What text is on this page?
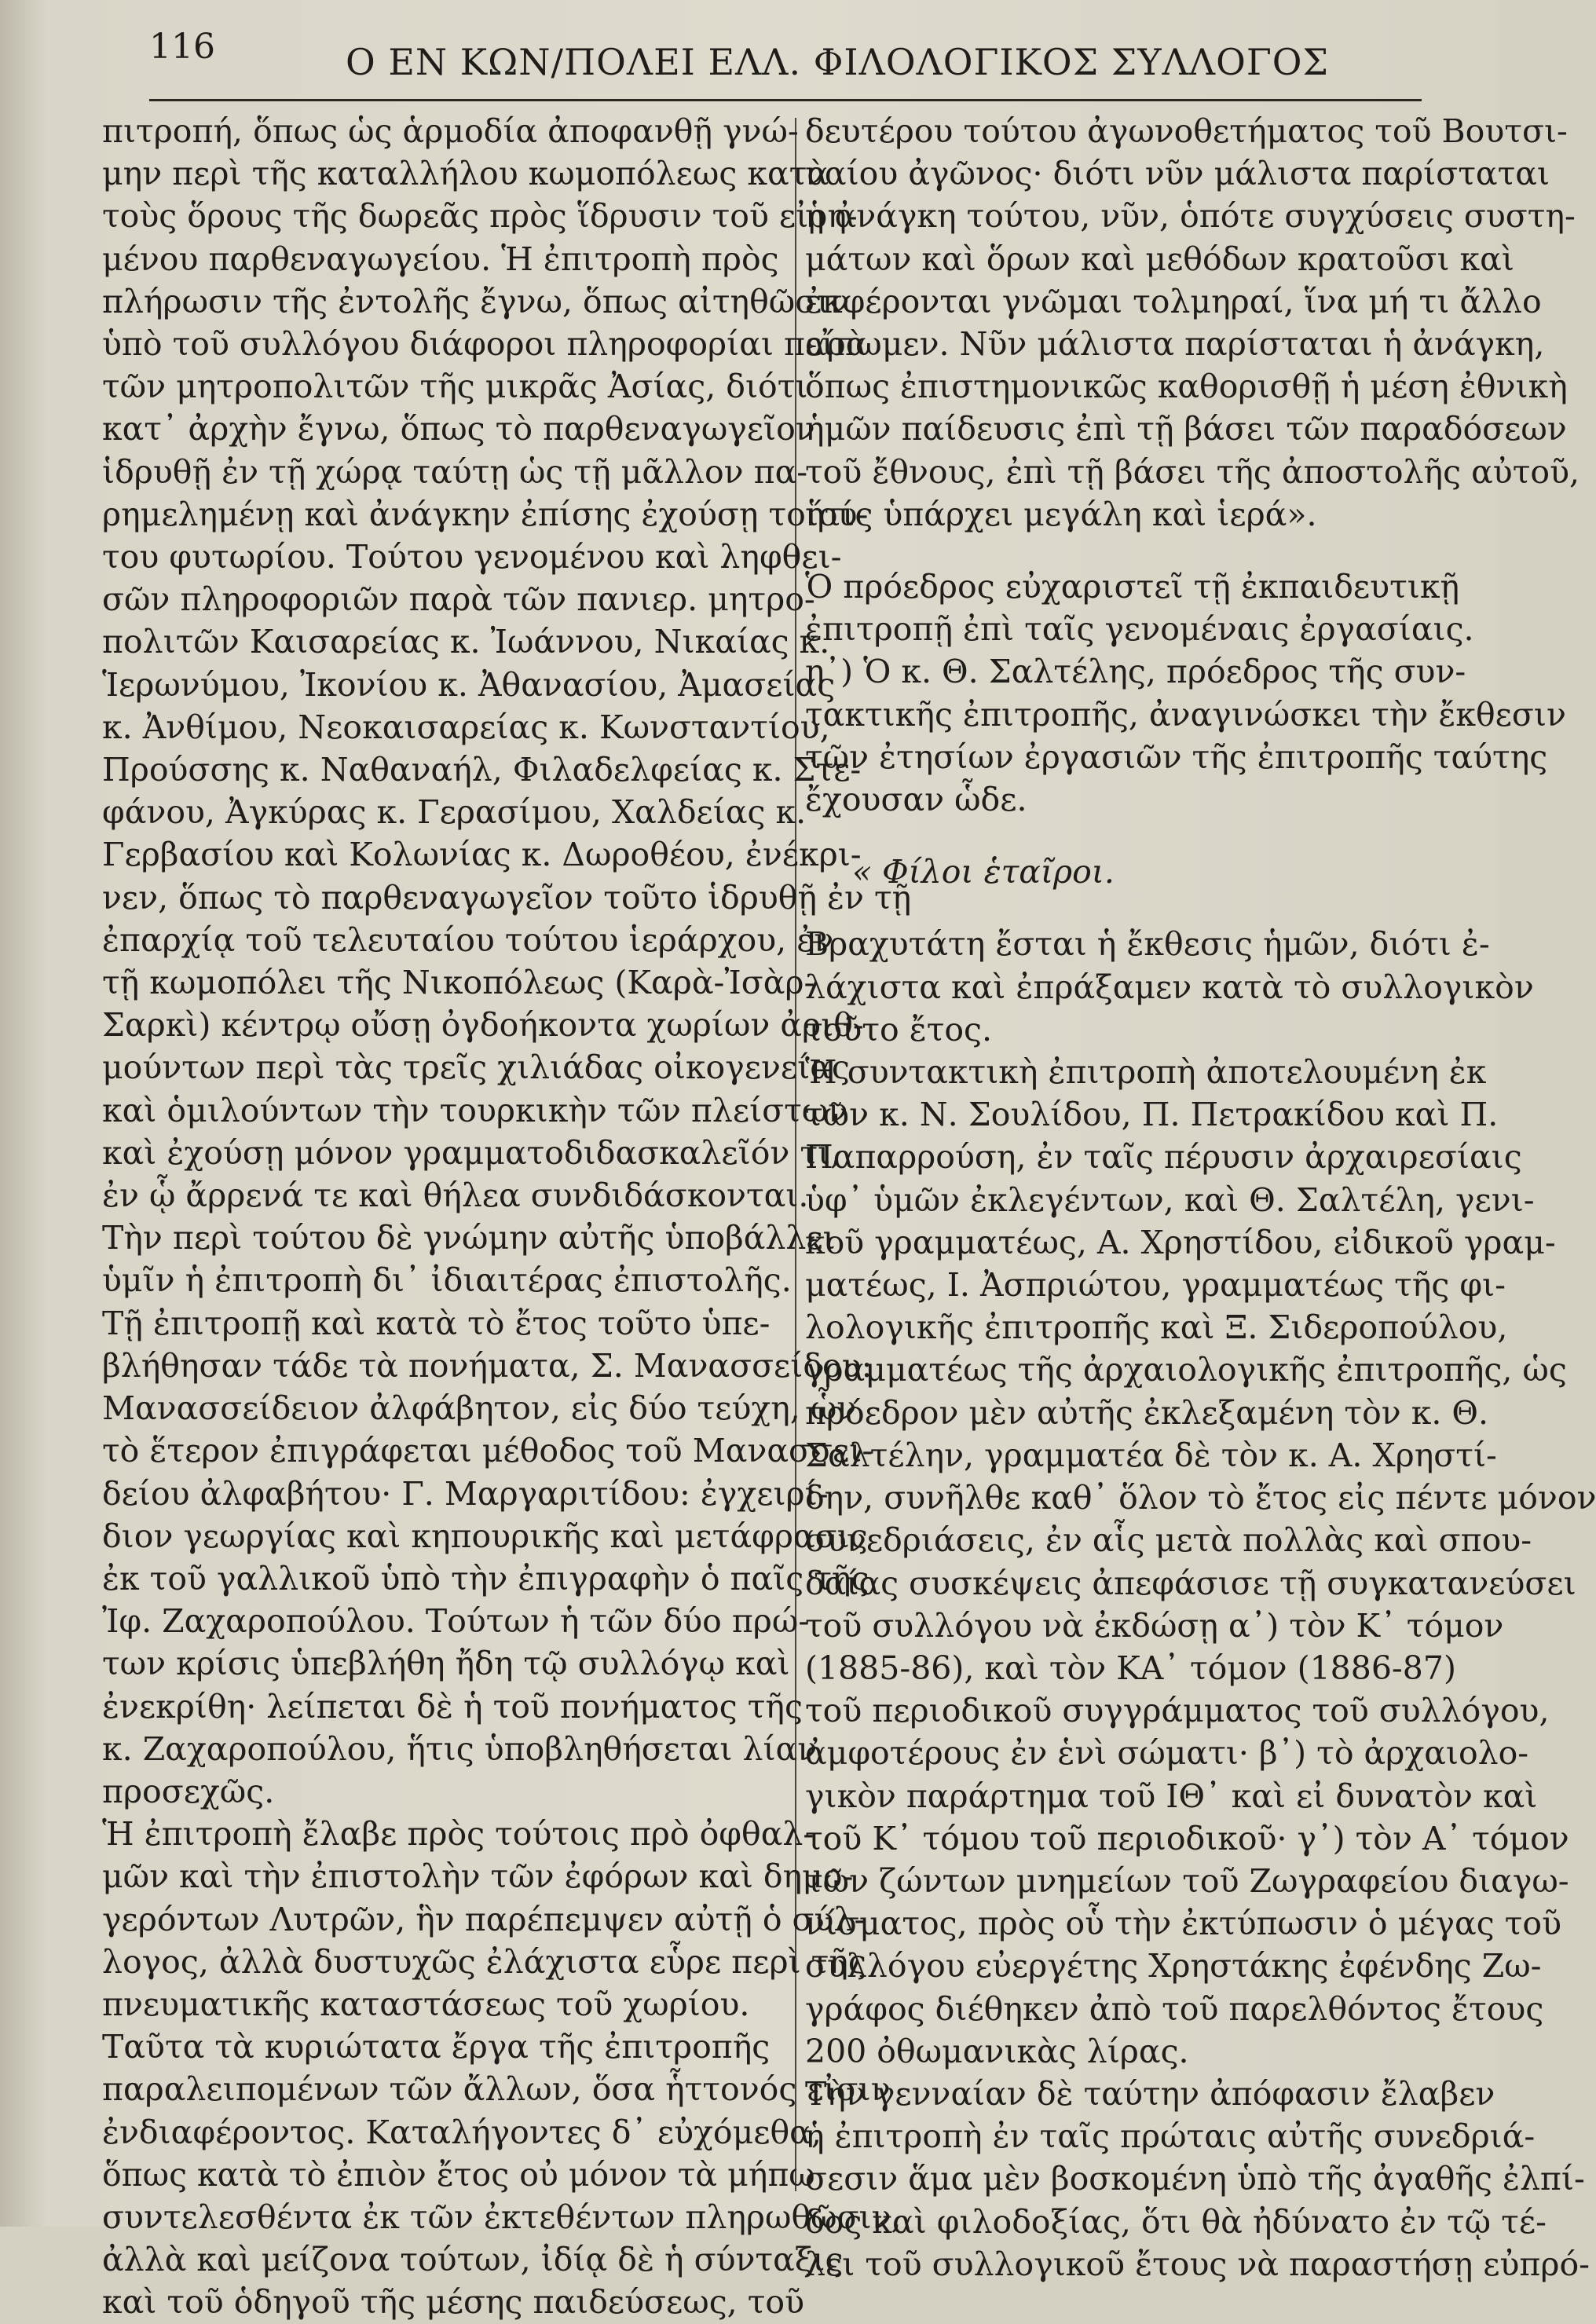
116	Ο ΕΝ ΚΩΝ/ΠΟΛΕΙ ΕΛΛ. ΦΙΛΟΛΟΓΙΚΟΣ ΣΥΛΛΟΓΟΣ
πιτροπή, ὅπως ὡς ἁρμοδία ἀποφανθῇ γνώ-
μην περὶ τῆς καταλλήλου κωμοπόλεως κατὰ
τοὺς ὅρους τῆς δωρεᾶς πρὸς ἵδρυσιν τοῦ εἰρη-
μένου παρθεναγωγείου. Ἡ ἐπιτροπὴ πρὸς
πλήρωσιν τῆς ἐντολῆς ἔγνω, ὅπως αἰτηθῶσιν
ὑπὸ τοῦ συλλόγου διάφοροι πληροφορίαι παρὰ
τῶν μητροπολιτῶν τῆς μικρᾶς Ἀσίας, διότι
κατ᾽ ἀρχὴν ἔγνω, ὅπως τὸ παρθεναγωγεῖον
ἱδρυθῇ ἐν τῇ χώρᾳ ταύτῃ ὡς τῇ μᾶλλον πα-
ρημελημένῃ καὶ ἀνάγκην ἐπίσης ἐχούσῃ τοιού-
του φυτωρίου. Τούτου γενομένου καὶ ληφθει-
σῶν πληροφοριῶν παρὰ τῶν πανιερ. μητρο-
πολιτῶν Καισαρείας κ. Ἰωάννου, Νικαίας κ.
Ἱερωνύμου, Ἰκονίου κ. Ἀθανασίου, Ἀμασείας
κ. Ἀνθίμου, Νεοκαισαρείας κ. Κωνσταντίου,
Προύσσης κ. Ναθαναήλ, Φιλαδελφείας κ. Στε-
φάνου, Ἀγκύρας κ. Γερασίμου, Χαλδείας κ.
Γερβασίου καὶ Κολωνίας κ. Δωροθέου, ἐνέκρι-
νεν, ὅπως τὸ παρθεναγωγεῖον τοῦτο ἱδρυθῇ ἐν τῇ
ἐπαρχίᾳ τοῦ τελευταίου τούτου ἱεράρχου, ἐν
τῇ κωμοπόλει τῆς Νικοπόλεως (Καρὰ-Ἰσὰρ-
Σαρκὶ) κέντρῳ οὔσῃ ὀγδοήκοντα χωρίων ἀριθ-
μούντων περὶ τὰς τρεῖς χιλιάδας οἰκογενείας
καὶ ὁμιλούντων τὴν τουρκικὴν τῶν πλείστων
καὶ ἐχούσῃ μόνον γραμματοδιδασκαλεῖόν τι,
ἐν ᾧ ἄρρενά τε καὶ θήλεα συνδιδάσκονται.
Τὴν περὶ τούτου δὲ γνώμην αὐτῆς ὑποβάλλει
ὑμῖν ἡ ἐπιτροπὴ δι᾽ ἰδιαιτέρας ἐπιστολῆς.
Τῇ ἐπιτροπῇ καὶ κατὰ τὸ ἔτος τοῦτο ὑπε-
βλήθησαν τάδε τὰ πονήματα, Σ. Μανασσείδου:
Μανασσείδειον ἀλφάβητον, εἰς δύο τεύχη, ὧν
τὸ ἕτερον ἐπιγράφεται μέθοδος τοῦ Μανασσει-
δείου ἀλφαβήτου· Γ. Μαργαριτίδου: ἐγχειρί-
διον γεωργίας καὶ κηπουρικῆς καὶ μετάφρασις
ἐκ τοῦ γαλλικοῦ ὑπὸ τὴν ἐπιγραφὴν ὁ παῖς τῆς
Ἰφ. Ζαχαροπούλου. Τούτων ἡ τῶν δύο πρώ-
των κρίσις ὑπεβλήθη ἤδη τῷ συλλόγῳ καὶ
ἐνεκρίθη· λείπεται δὲ ἡ τοῦ πονήματος τῆς
κ. Ζαχαροπούλου, ἥτις ὑποβληθήσεται λίαν
προσεχῶς.
Ἡ ἐπιτροπὴ ἔλαβε πρὸς τούτοις πρὸ ὀφθαλ-
μῶν καὶ τὴν ἐπιστολὴν τῶν ἐφόρων καὶ δημο-
γερόντων Λυτρῶν, ἣν παρέπεμψεν αὐτῇ ὁ σύλ-
λογος, ἀλλὰ δυστυχῶς ἐλάχιστα εὗρε περὶ τῆς
πνευματικῆς καταστάσεως τοῦ χωρίου.
Ταῦτα τὰ κυριώτατα ἔργα τῆς ἐπιτροπῆς
παραλειπομένων τῶν ἄλλων, ὅσα ἧττονός εἰσιν
ἐνδιαφέροντος. Καταλήγοντες δ᾽ εὐχόμεθα,
ὅπως κατὰ τὸ ἐπιὸν ἔτος οὐ μόνον τὰ μήπω
συντελεσθέντα ἐκ τῶν ἐκτεθέντων πληρωθῶσιν,
ἀλλὰ καὶ μείζονα τούτων, ἰδίᾳ δὲ ἡ σύνταξις
καὶ τοῦ ὁδηγοῦ τῆς μέσης παιδεύσεως, τοῦ
δευτέρου τούτου ἀγωνοθετήματος τοῦ Βουτσι-
ναίου ἀγῶνος· διότι νῦν μάλιστα παρίσταται
ἡ ἀνάγκη τούτου, νῦν, ὁπότε συγχύσεις συστη-
μάτων καὶ ὅρων καὶ μεθόδων κρατοῦσι καὶ
ἐκφέρονται γνῶμαι τολμηραί, ἵνα μή τι ἄλλο
εἴπωμεν. Νῦν μάλιστα παρίσταται ἡ ἀνάγκη,
ὅπως ἐπιστημονικῶς καθορισθῇ ἡ μέση ἐθνικὴ
ἡμῶν παίδευσις ἐπὶ τῇ βάσει τῶν παραδόσεων
τοῦ ἔθνους, ἐπὶ τῇ βάσει τῆς ἀποστολῆς αὐτοῦ,
ἥτις ὑπάρχει μεγάλη καὶ ἱερά».
Ὁ πρόεδρος εὐχαριστεῖ τῇ ἐκπαιδευτικῇ
ἐπιτροπῇ ἐπὶ ταῖς γενομέναις ἐργασίαις.
η᾽) Ὁ κ. Θ. Σαλτέλης, πρόεδρος τῆς συν-
τακτικῆς ἐπιτροπῆς, ἀναγινώσκει τὴν ἔκθεσιν
τῶν ἐτησίων ἐργασιῶν τῆς ἐπιτροπῆς ταύτης
ἔχουσαν ὧδε.
« Φίλοι ἑταῖροι.
Βραχυτάτη ἔσται ἡ ἔκθεσις ἡμῶν, διότι ἐ-
λάχιστα καὶ ἐπράξαμεν κατὰ τὸ συλλογικὸν
τοῦτο ἔτος.
Ἡ συντακτικὴ ἐπιτροπὴ ἀποτελουμένη ἐκ
τῶν κ. Ν. Σουλίδου, Π. Πετρακίδου καὶ Π.
Παπαρρούση, ἐν ταῖς πέρυσιν ἀρχαιρεσίαις
ὑφ᾽ ὑμῶν ἐκλεγέντων, καὶ Θ. Σαλτέλη, γενι-
κοῦ γραμματέως, Α. Χρηστίδου, εἰδικοῦ γραμ-
ματέως, Ι. Ἀσπριώτου, γραμματέως τῆς φι-
λολογικῆς ἐπιτροπῆς καὶ Ξ. Σιδεροπούλου,
γραμματέως τῆς ἀρχαιολογικῆς ἐπιτροπῆς, ὡς
πρόεδρον μὲν αὐτῆς ἐκλεξαμένη τὸν κ. Θ.
Σαλτέλην, γραμματέα δὲ τὸν κ. Α. Χρηστί-
δην, συνῆλθε καθ᾽ ὅλον τὸ ἔτος εἰς πέντε μόνον
συνεδριάσεις, ἐν αἷς μετὰ πολλὰς καὶ σπου-
δαίας συσκέψεις ἀπεφάσισε τῇ συγκατανεύσει
τοῦ συλλόγου νὰ ἐκδώσῃ α᾽) τὸν Κ᾽ τόμον
(1885-86), καὶ τὸν ΚΑ᾽ τόμον (1886-87)
τοῦ περιοδικοῦ συγγράμματος τοῦ συλλόγου,
ἀμφοτέρους ἐν ἑνὶ σώματι· β᾽) τὸ ἀρχαιολο-
γικὸν παράρτημα τοῦ ΙΘ᾽ καὶ εἰ δυνατὸν καὶ
τοῦ Κ᾽ τόμου τοῦ περιοδικοῦ· γ᾽) τὸν Α᾽ τόμον
τῶν ζώντων μνημείων τοῦ Ζωγραφείου διαγω-
νίσματος, πρὸς οὗ τὴν ἐκτύπωσιν ὁ μέγας τοῦ
συλλόγου εὐεργέτης Χρηστάκης ἐφένδης Ζω-
γράφος διέθηκεν ἀπὸ τοῦ παρελθόντος ἔτους
200 ὀθωμανικὰς λίρας.
Τὴν γενναίαν δὲ ταύτην ἀπόφασιν ἔλαβεν
ἡ ἐπιτροπὴ ἐν ταῖς πρώταις αὐτῆς συνεδριά-
σεσιν ἅμα μὲν βοσκομένη ὑπὸ τῆς ἀγαθῆς ἐλπί-
δος καὶ φιλοδοξίας, ὅτι θὰ ἠδύνατο ἐν τῷ τέ-
λει τοῦ συλλογικοῦ ἔτους νὰ παραστήσῃ εὐπρό-
